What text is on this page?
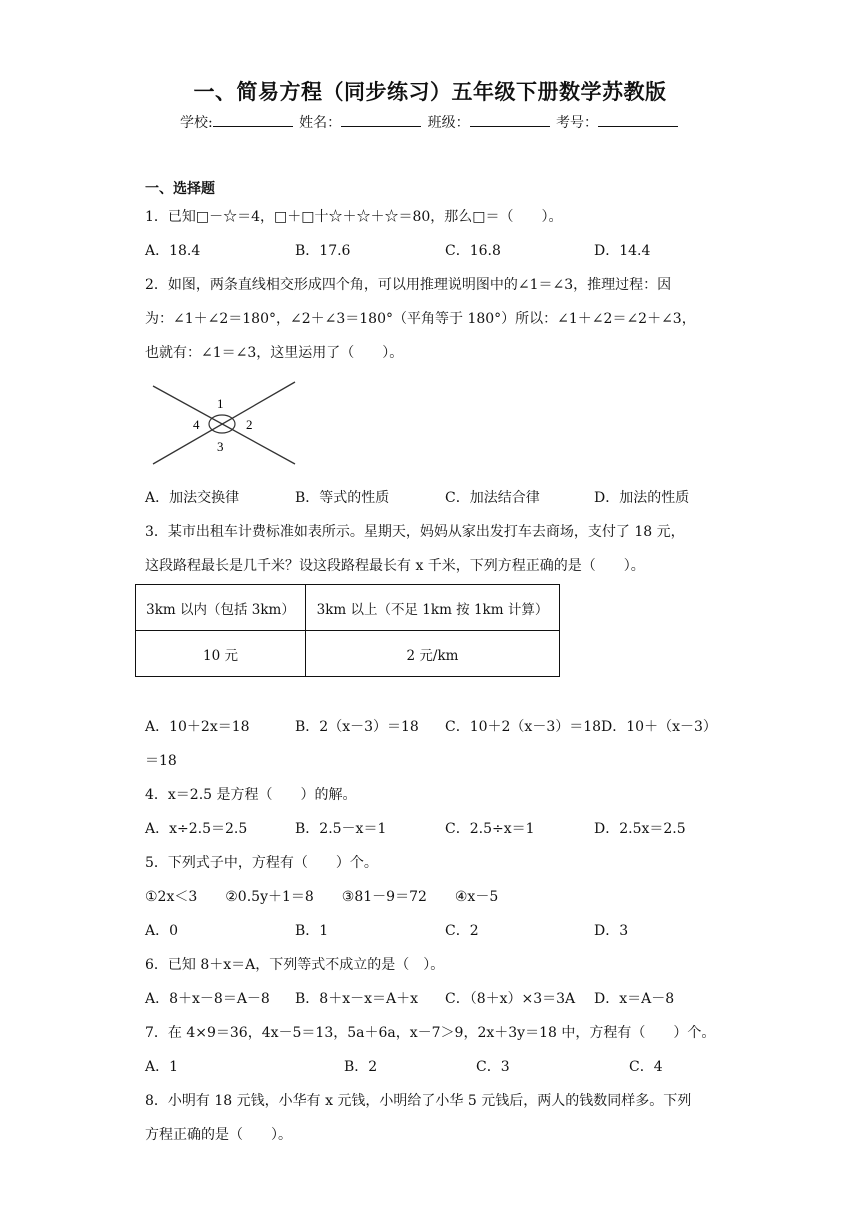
一、简易方程（同步练习）五年级下册数学苏教版
学校:	姓名：	班级：	考号：
一、选择题
1．已知□－☆＝4，□＋□十☆＋☆＋☆＝80，那么□＝（　　）。
A．18.4	B．17.6	C．16.8	D．14.4
2．如图，两条直线相交形成四个角，可以用推理说明图中的∠1＝∠3，推理过程：因
为：∠1＋∠2＝180°，∠2＋∠3＝180°（平角等于 180°）所以：∠1＋∠2＝∠2＋∠3，
也就有：∠1＝∠3，这里运用了（　　）。
1
2
3
4
A．加法交换律	B．等式的性质	C．加法结合律	D．加法的性质
3．某市出租车计费标准如表所示。星期天，妈妈从家出发打车去商场，支付了 18 元，
这段路程最长是几千米？设这段路程最长有 x 千米，下列方程正确的是（　　）。
3km 以内（包括 3km）	3km 以上（不足 1km 按 1km 计算）
10 元	2 元/km
A．10＋2x＝18	B．2（x－3）＝18 C．10＋2（x－3）＝18D．10＋（x－3）
＝18
4．x＝2.5 是方程（　　）的解。
A．x÷2.5＝2.5	B．2.5－x＝1	C．2.5÷x＝1	D．2.5x＝2.5
5．下列式子中，方程有（　　）个。
①2x＜3　　②0.5y＋1＝8　　③81－9＝72　　④x－5
A．0	B．1	C．2	D．3
6．已知 8＋x＝A，下列等式不成立的是（　）。
A．8＋x－8＝A－8 B．8＋x－x＝A＋x C．（8＋x）×3＝3A D．x＝A－8
7．在 4×9＝36，4x－5＝13，5a＋6a，x－7＞9，2x＋3y＝18 中，方程有（　　）个。
A．1	B．2	C．3	C．4
8．小明有 18 元钱，小华有 x 元钱，小明给了小华 5 元钱后，两人的钱数同样多。下列
方程正确的是（　　）。
